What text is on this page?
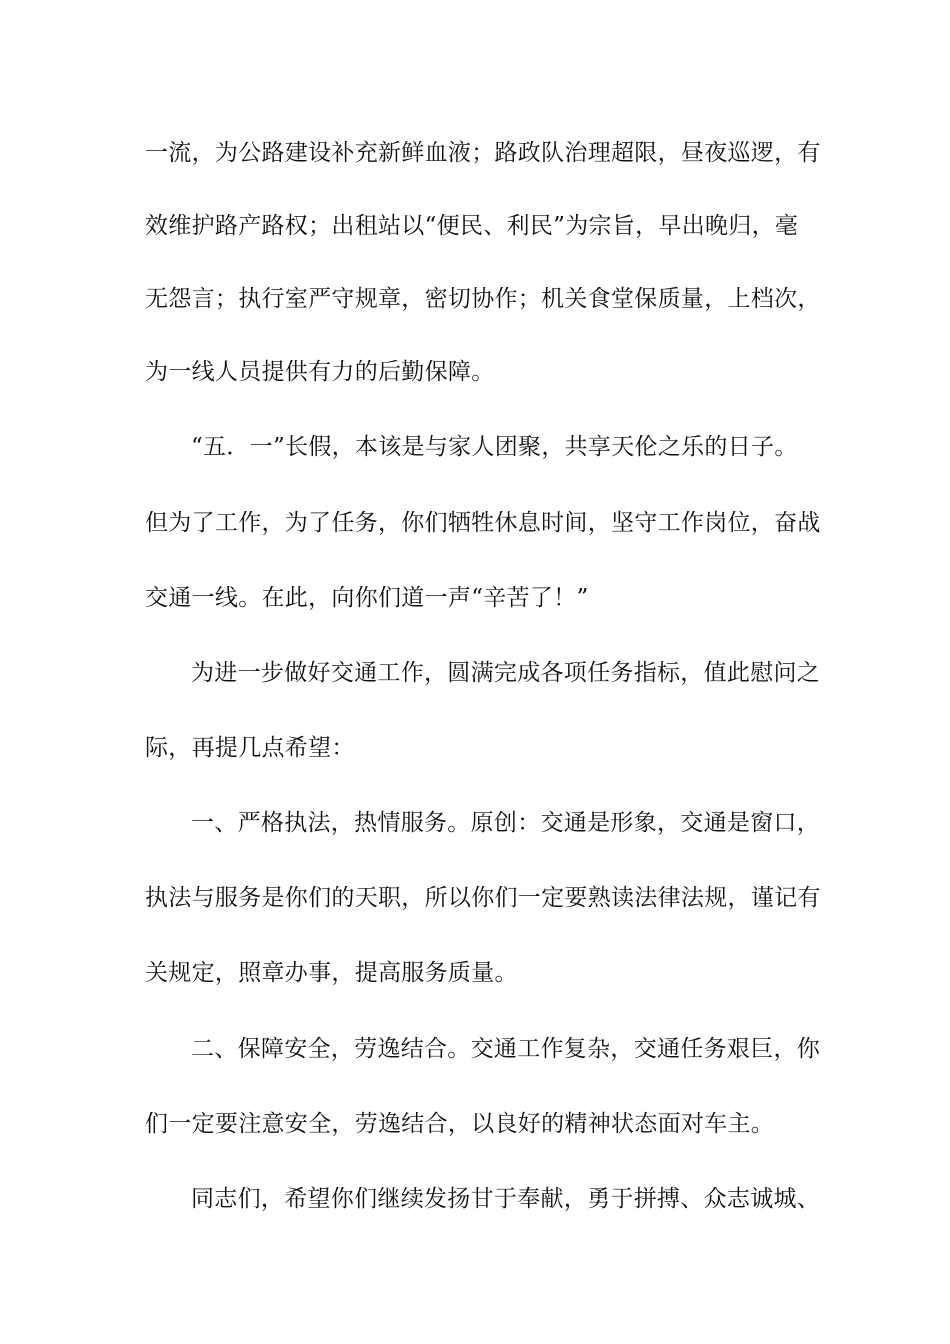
一流，为公路建设补充新鲜血液；路政队治理超限，昼夜巡逻，有

效维护路产路权；出租站以“便民、利民”为宗旨，早出晚归，毫

无怨言；执行室严守规章，密切协作；机关食堂保质量，上档次，

为一线人员提供有力的后勤保障。

“五．一”长假，本该是与家人团聚，共享天伦之乐的日子。

但为了工作，为了任务，你们牺牲休息时间，坚守工作岗位，奋战

交通一线。在此，向你们道一声“辛苦了！”

为进一步做好交通工作，圆满完成各项任务指标，值此慰问之

际，再提几点希望：

一、严格执法，热情服务。原创：交通是形象，交通是窗口，

执法与服务是你们的天职，所以你们一定要熟读法律法规，谨记有

关规定，照章办事，提高服务质量。

二、保障安全，劳逸结合。交通工作复杂，交通任务艰巨，你

们一定要注意安全，劳逸结合，以良好的精神状态面对车主。

同志们，希望你们继续发扬甘于奉献，勇于拼搏、众志诚城、
